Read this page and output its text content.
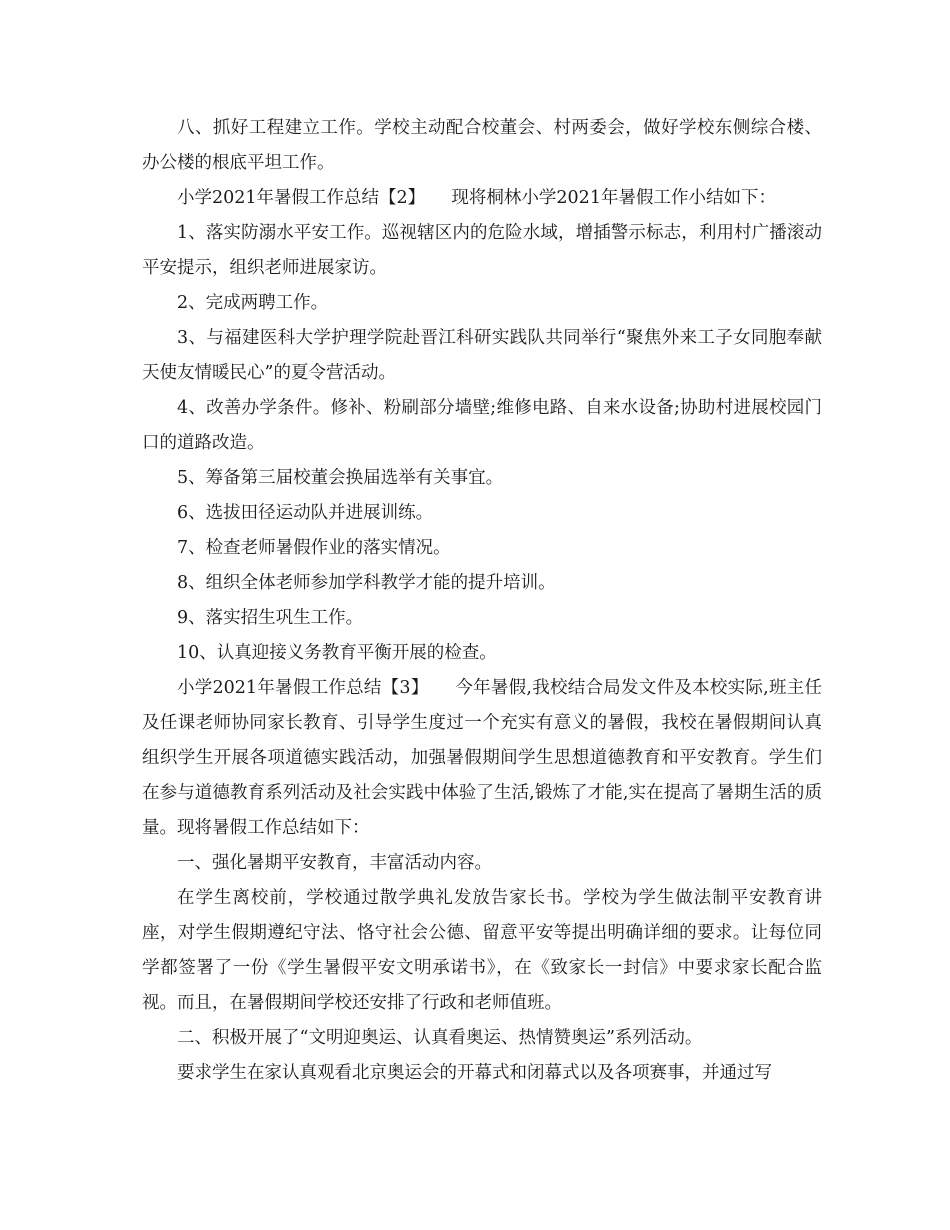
八、抓好工程建立工作。学校主动配合校董会、村两委会，做好学校东侧综合楼、办公楼的根底平坦工作。

小学2021年暑假工作总结【2】　　现将桐林小学2021年暑假工作小结如下：

1、落实防溺水平安工作。巡视辖区内的危险水域，增插警示标志，利用村广播滚动平安提示，组织老师进展家访。

2、完成两聘工作。

3、与福建医科大学护理学院赴晋江科研实践队共同举行“聚焦外来工子女同胞奉献天使友情暖民心”的夏令营活动。

4、改善办学条件。修补、粉刷部分墙壁;维修电路、自来水设备;协助村进展校园门口的道路改造。

5、筹备第三届校董会换届选举有关事宜。

6、选拔田径运动队并进展训练。

7、检查老师暑假作业的落实情况。

8、组织全体老师参加学科教学才能的提升培训。

9、落实招生巩生工作。

10、认真迎接义务教育平衡开展的检查。

小学2021年暑假工作总结【3】　　今年暑假,我校结合局发文件及本校实际,班主任及任课老师协同家长教育、引导学生度过一个充实有意义的暑假，我校在暑假期间认真组织学生开展各项道德实践活动，加强暑假期间学生思想道德教育和平安教育。学生们在参与道德教育系列活动及社会实践中体验了生活,锻炼了才能,实在提高了暑期生活的质量。现将暑假工作总结如下：

一、强化暑期平安教育，丰富活动内容。

在学生离校前，学校通过散学典礼发放告家长书。学校为学生做法制平安教育讲座，对学生假期遵纪守法、恪守社会公德、留意平安等提出明确详细的要求。让每位同学都签署了一份《学生暑假平安文明承诺书》，在《致家长一封信》中要求家长配合监视。而且，在暑假期间学校还安排了行政和老师值班。

二、积极开展了“文明迎奥运、认真看奥运、热情赞奥运”系列活动。

要求学生在家认真观看北京奥运会的开幕式和闭幕式以及各项赛事，并通过写
